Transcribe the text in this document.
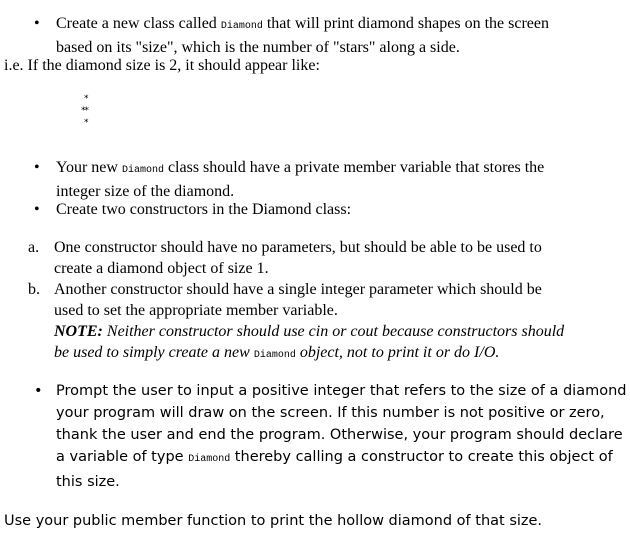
•	Create a new class called Diamond that will print diamond shapes on the screen
based on its "size", which is the number of "stars" along a side.
i.e. If the diamond size is 2, it should appear like:
*
* *
*
•	Your new Diamond class should have a private member variable that stores the
integer size of the diamond.
•	Create two constructors in the Diamond class:
a. One constructor should have no parameters, but should be able to be used to
create a diamond object of size 1.
b. Another constructor should have a single integer parameter which should be
used to set the appropriate member variable.
NOTE: Neither constructor should use cin or cout because constructors should
be used to simply create a new Diamond object, not to print it or do I/O.
• Prompt the user to input a positive integer that refers to the size of a diamond
your program will draw on the screen. If this number is not positive or zero,
thank the user and end the program. Otherwise, your program should declare
a variable of type Diamond thereby calling a constructor to create this object of
this size.
Use your public member function to print the hollow diamond of that size.
